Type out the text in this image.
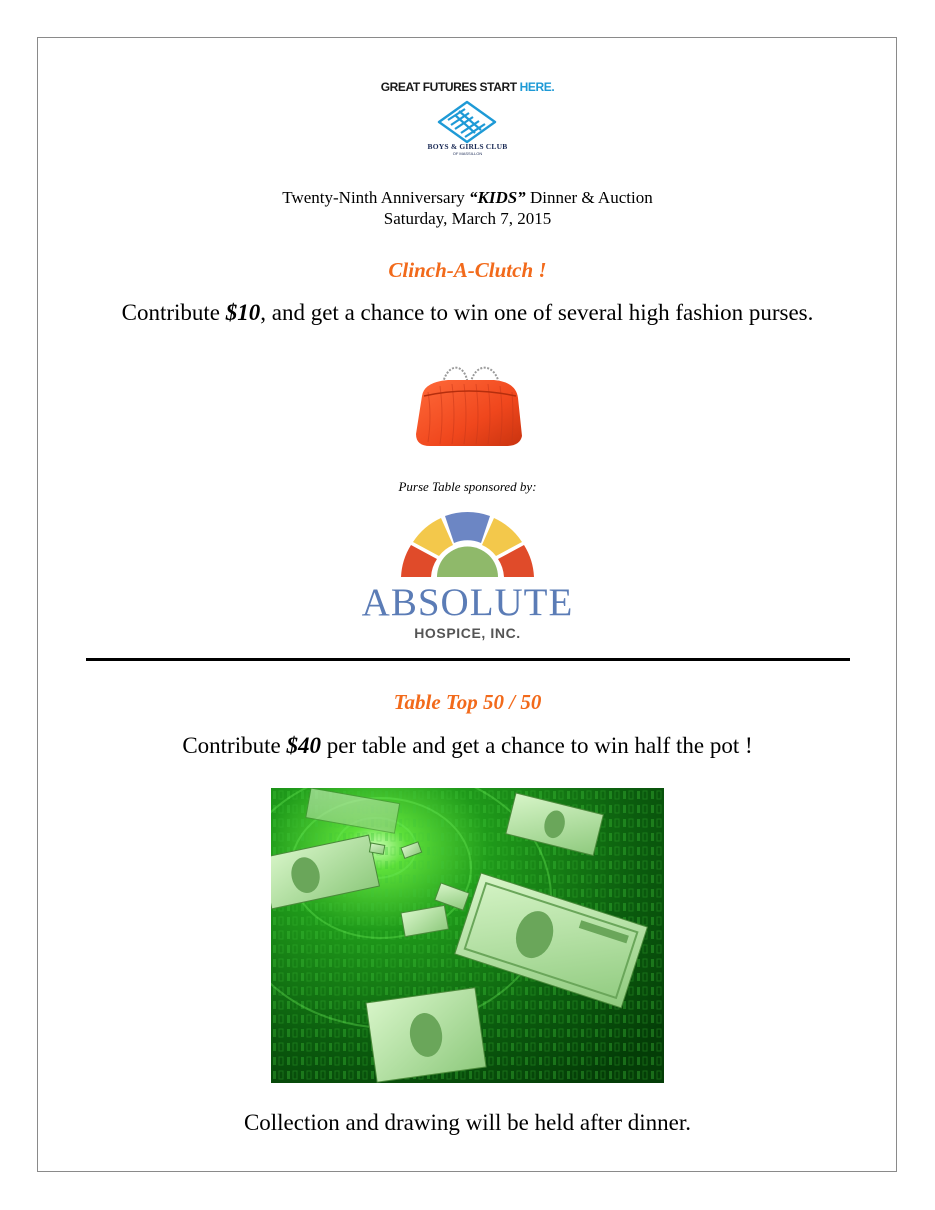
GREAT FUTURES START HERE.
BOYS & GIRLS CLUB
OF MASSILLON
Twenty-Ninth Anniversary “KIDS” Dinner & Auction
Saturday, March 7, 2015
Clinch-A-Clutch !
Contribute $10, and get a chance to win one of several high fashion purses.
Purse Table sponsored by:
ABSOLUTE
HOSPICE, INC.
Table Top 50 / 50
Contribute $40 per table and get a chance to win half the pot !
Collection and drawing will be held after dinner.
